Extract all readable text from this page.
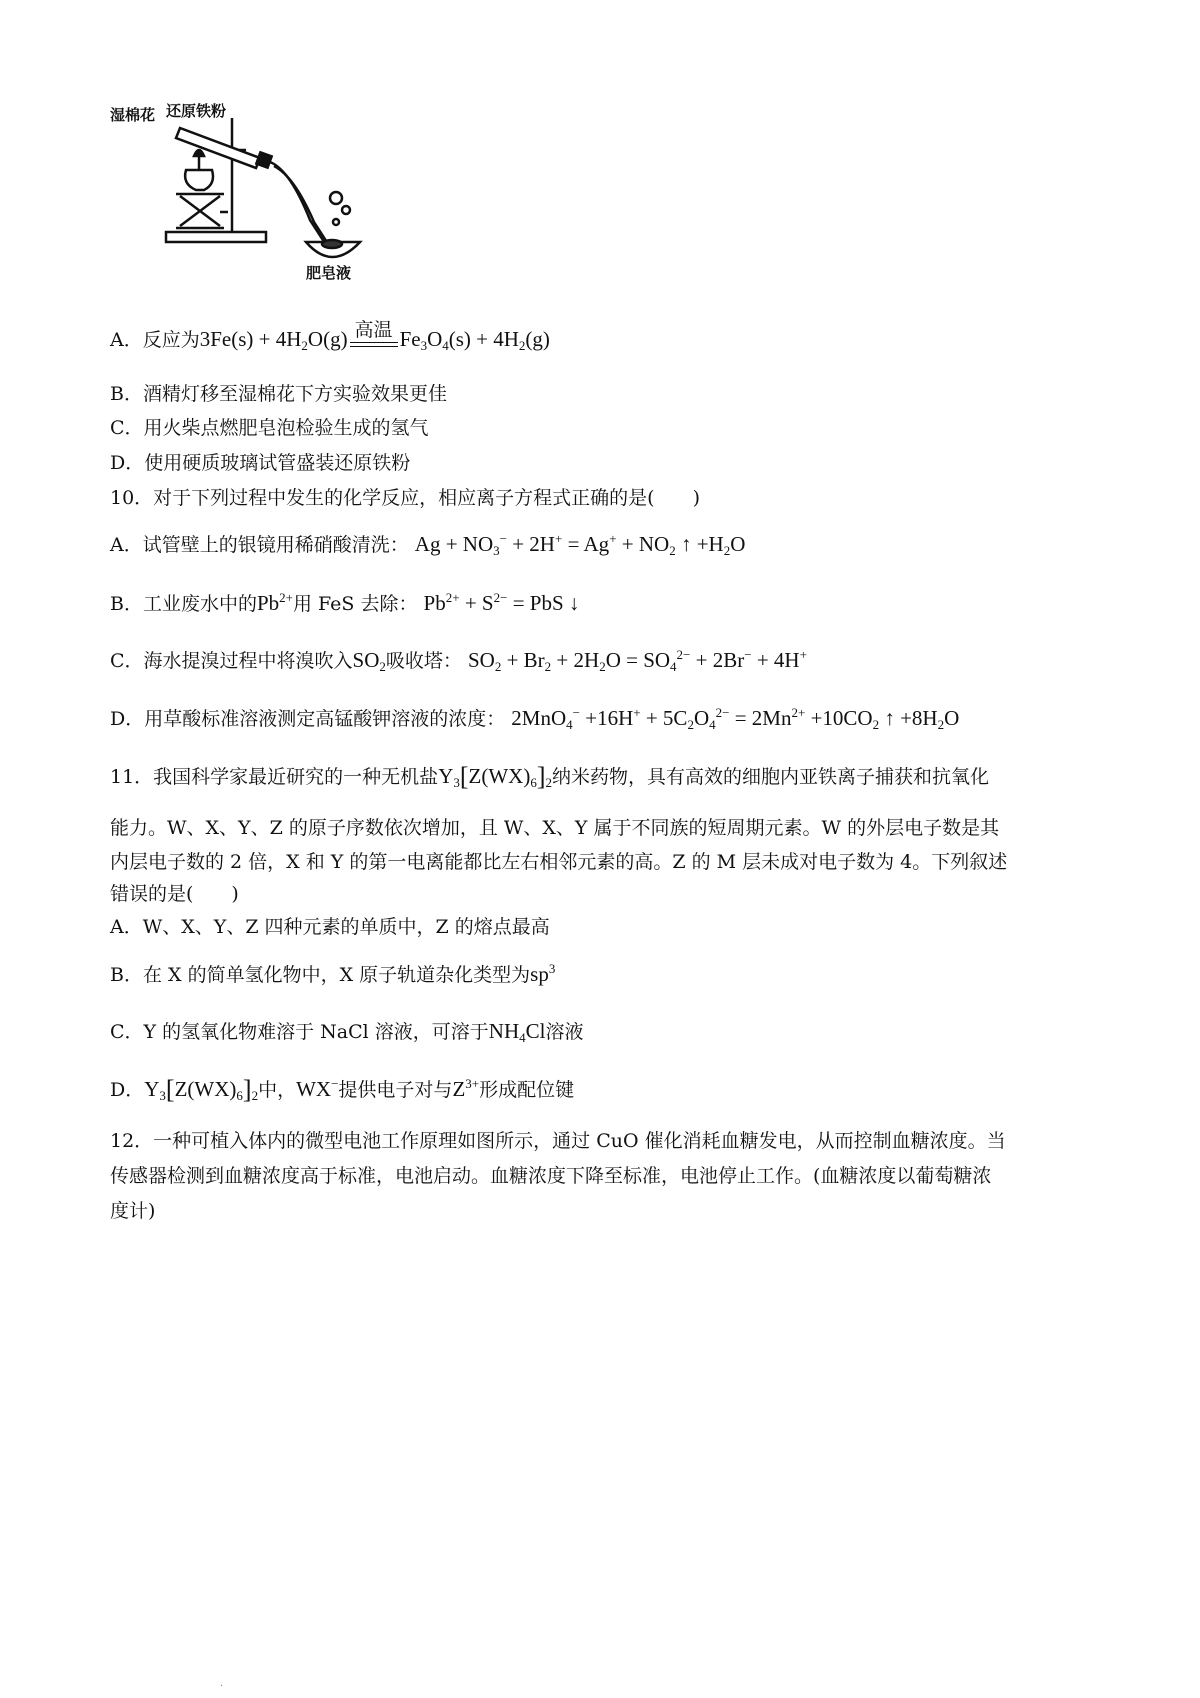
湿棉花 还原铁粉
肥皂液
A．反应为$3Fe(s) + 4H_2O(g)$ 高温 $Fe_3O_4(s) + 4H_2(g)$
B．酒精灯移至湿棉花下方实验效果更佳
C．用火柴点燃肥皂泡检验生成的氢气
D．使用硬质玻璃试管盛装还原铁粉
10．对于下列过程中发生的化学反应，相应离子方程式正确的是(　　)
A．试管壁上的银镜用稀硝酸清洗： $Ag + NO_3^- + 2H^+ = Ag^+ + NO_2$ ↑ $+H_2O$
B．工业废水中的$Pb^{2+}$用 FeS 去除： $Pb^{2+} + S^{2-}$ = PbS ↓
C．海水提溴过程中将溴吹入$SO_2$吸收塔： $SO_2 + Br_2 + 2H_2O = SO_4^{2-} + 2Br^- + 4H^+$
D．用草酸标准溶液测定高锰酸钾溶液的浓度： $2MnO_4^- +16H^+ + 5C_2O_4^{2-} = 2Mn^{2+} +10CO_2$ ↑ $+8H_2O$
11．我国科学家最近研究的一种无机盐$Y_3[Z(WX)_6]_2$纳米药物，具有高效的细胞内亚铁离子捕获和抗氧化
能力。W、X、Y、Z 的原子序数依次增加，且 W、X、Y 属于不同族的短周期元素。W 的外层电子数是其
内层电子数的 2 倍，X 和 Y 的第一电离能都比左右相邻元素的高。Z 的 M 层未成对电子数为 4。下列叙述
错误的是(　　)
A．W、X、Y、Z 四种元素的单质中，Z 的熔点最高
B．在 X 的简单氢化物中，X 原子轨道杂化类型为$sp^3$
C．Y 的氢氧化物难溶于 NaCl 溶液，可溶于$NH_4Cl$溶液
D．$Y_3[Z(WX)_6]_2$中，WX−提供电子对与$Z^{3+}$形成配位键
12．一种可植入体内的微型电池工作原理如图所示，通过 CuO 催化消耗血糖发电，从而控制血糖浓度。当
传感器检测到血糖浓度高于标准，电池启动。血糖浓度下降至标准，电池停止工作。(血糖浓度以葡萄糖浓
度计)
·
